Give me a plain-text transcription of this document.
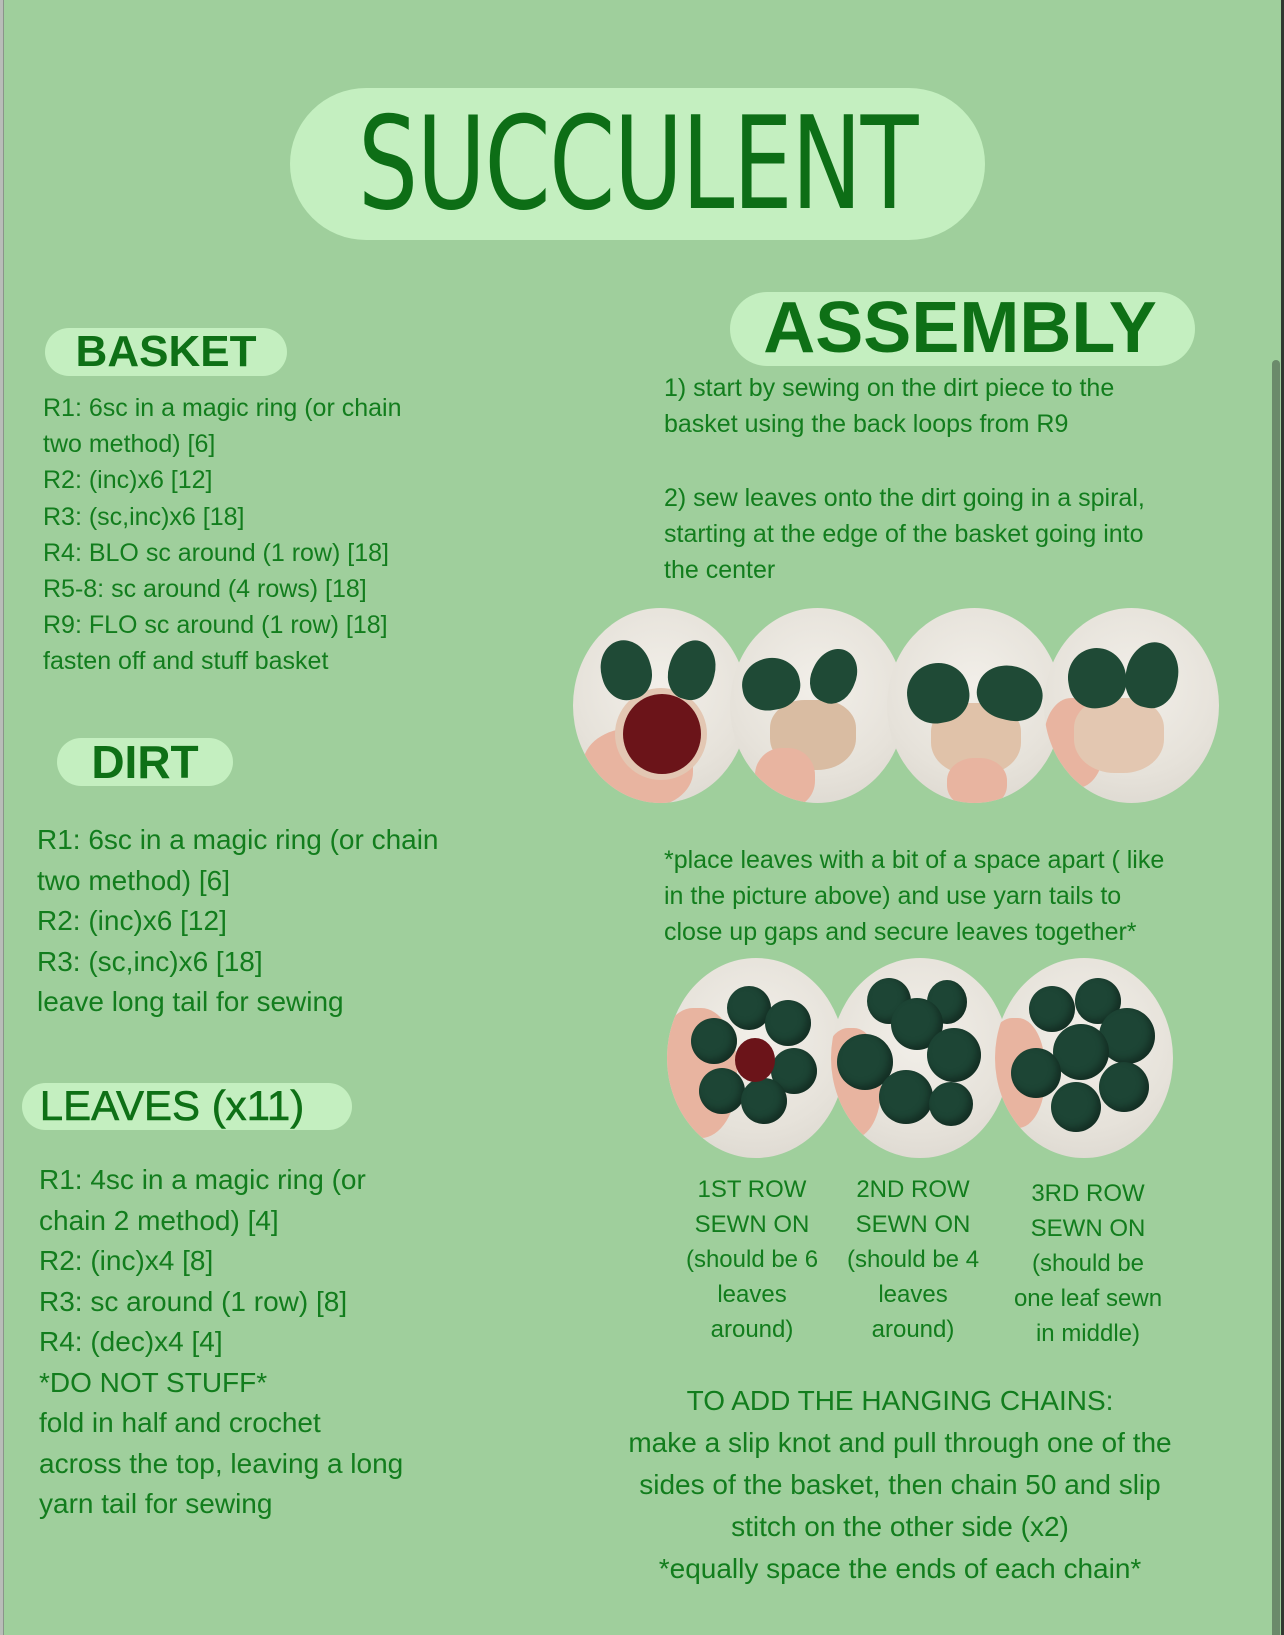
SUCCULENT
BASKET
R1: 6sc in a magic ring (or chain
two method) [6]
R2: (inc)x6 [12]
R3: (sc,inc)x6 [18]
R4: BLO sc around (1 row) [18]
R5-8: sc around (4 rows) [18]
R9: FLO sc around (1 row) [18]
fasten off and stuff basket
DIRT
R1: 6sc in a magic ring (or chain
two method) [6]
R2: (inc)x6 [12]
R3: (sc,inc)x6 [18]
leave long tail for sewing
LEAVES (x11)
R1: 4sc in a magic ring (or
chain 2 method) [4]
R2: (inc)x4 [8]
R3: sc around (1 row) [8]
R4: (dec)x4 [4]
*DO NOT STUFF*
fold in half and crochet
across the top, leaving a long
yarn tail for sewing
ASSEMBLY
1) start by sewing on the dirt piece to the
basket using the back loops from R9
2) sew leaves onto the dirt going in a spiral,
starting at the edge of the basket going into
the center
*place leaves with a bit of a space apart ( like
in the picture above) and use yarn tails to
close up gaps and secure leaves together*
1ST ROW
SEWN ON
(should be 6
leaves
around)
2ND ROW
SEWN ON
(should be 4
leaves
around)
3RD ROW
SEWN ON
(should be
one leaf sewn
in middle)
TO ADD THE HANGING CHAINS:
make a slip knot and pull through one of the
sides of the basket, then chain 50 and slip
stitch on the other side (x2)
*equally space the ends of each chain*
